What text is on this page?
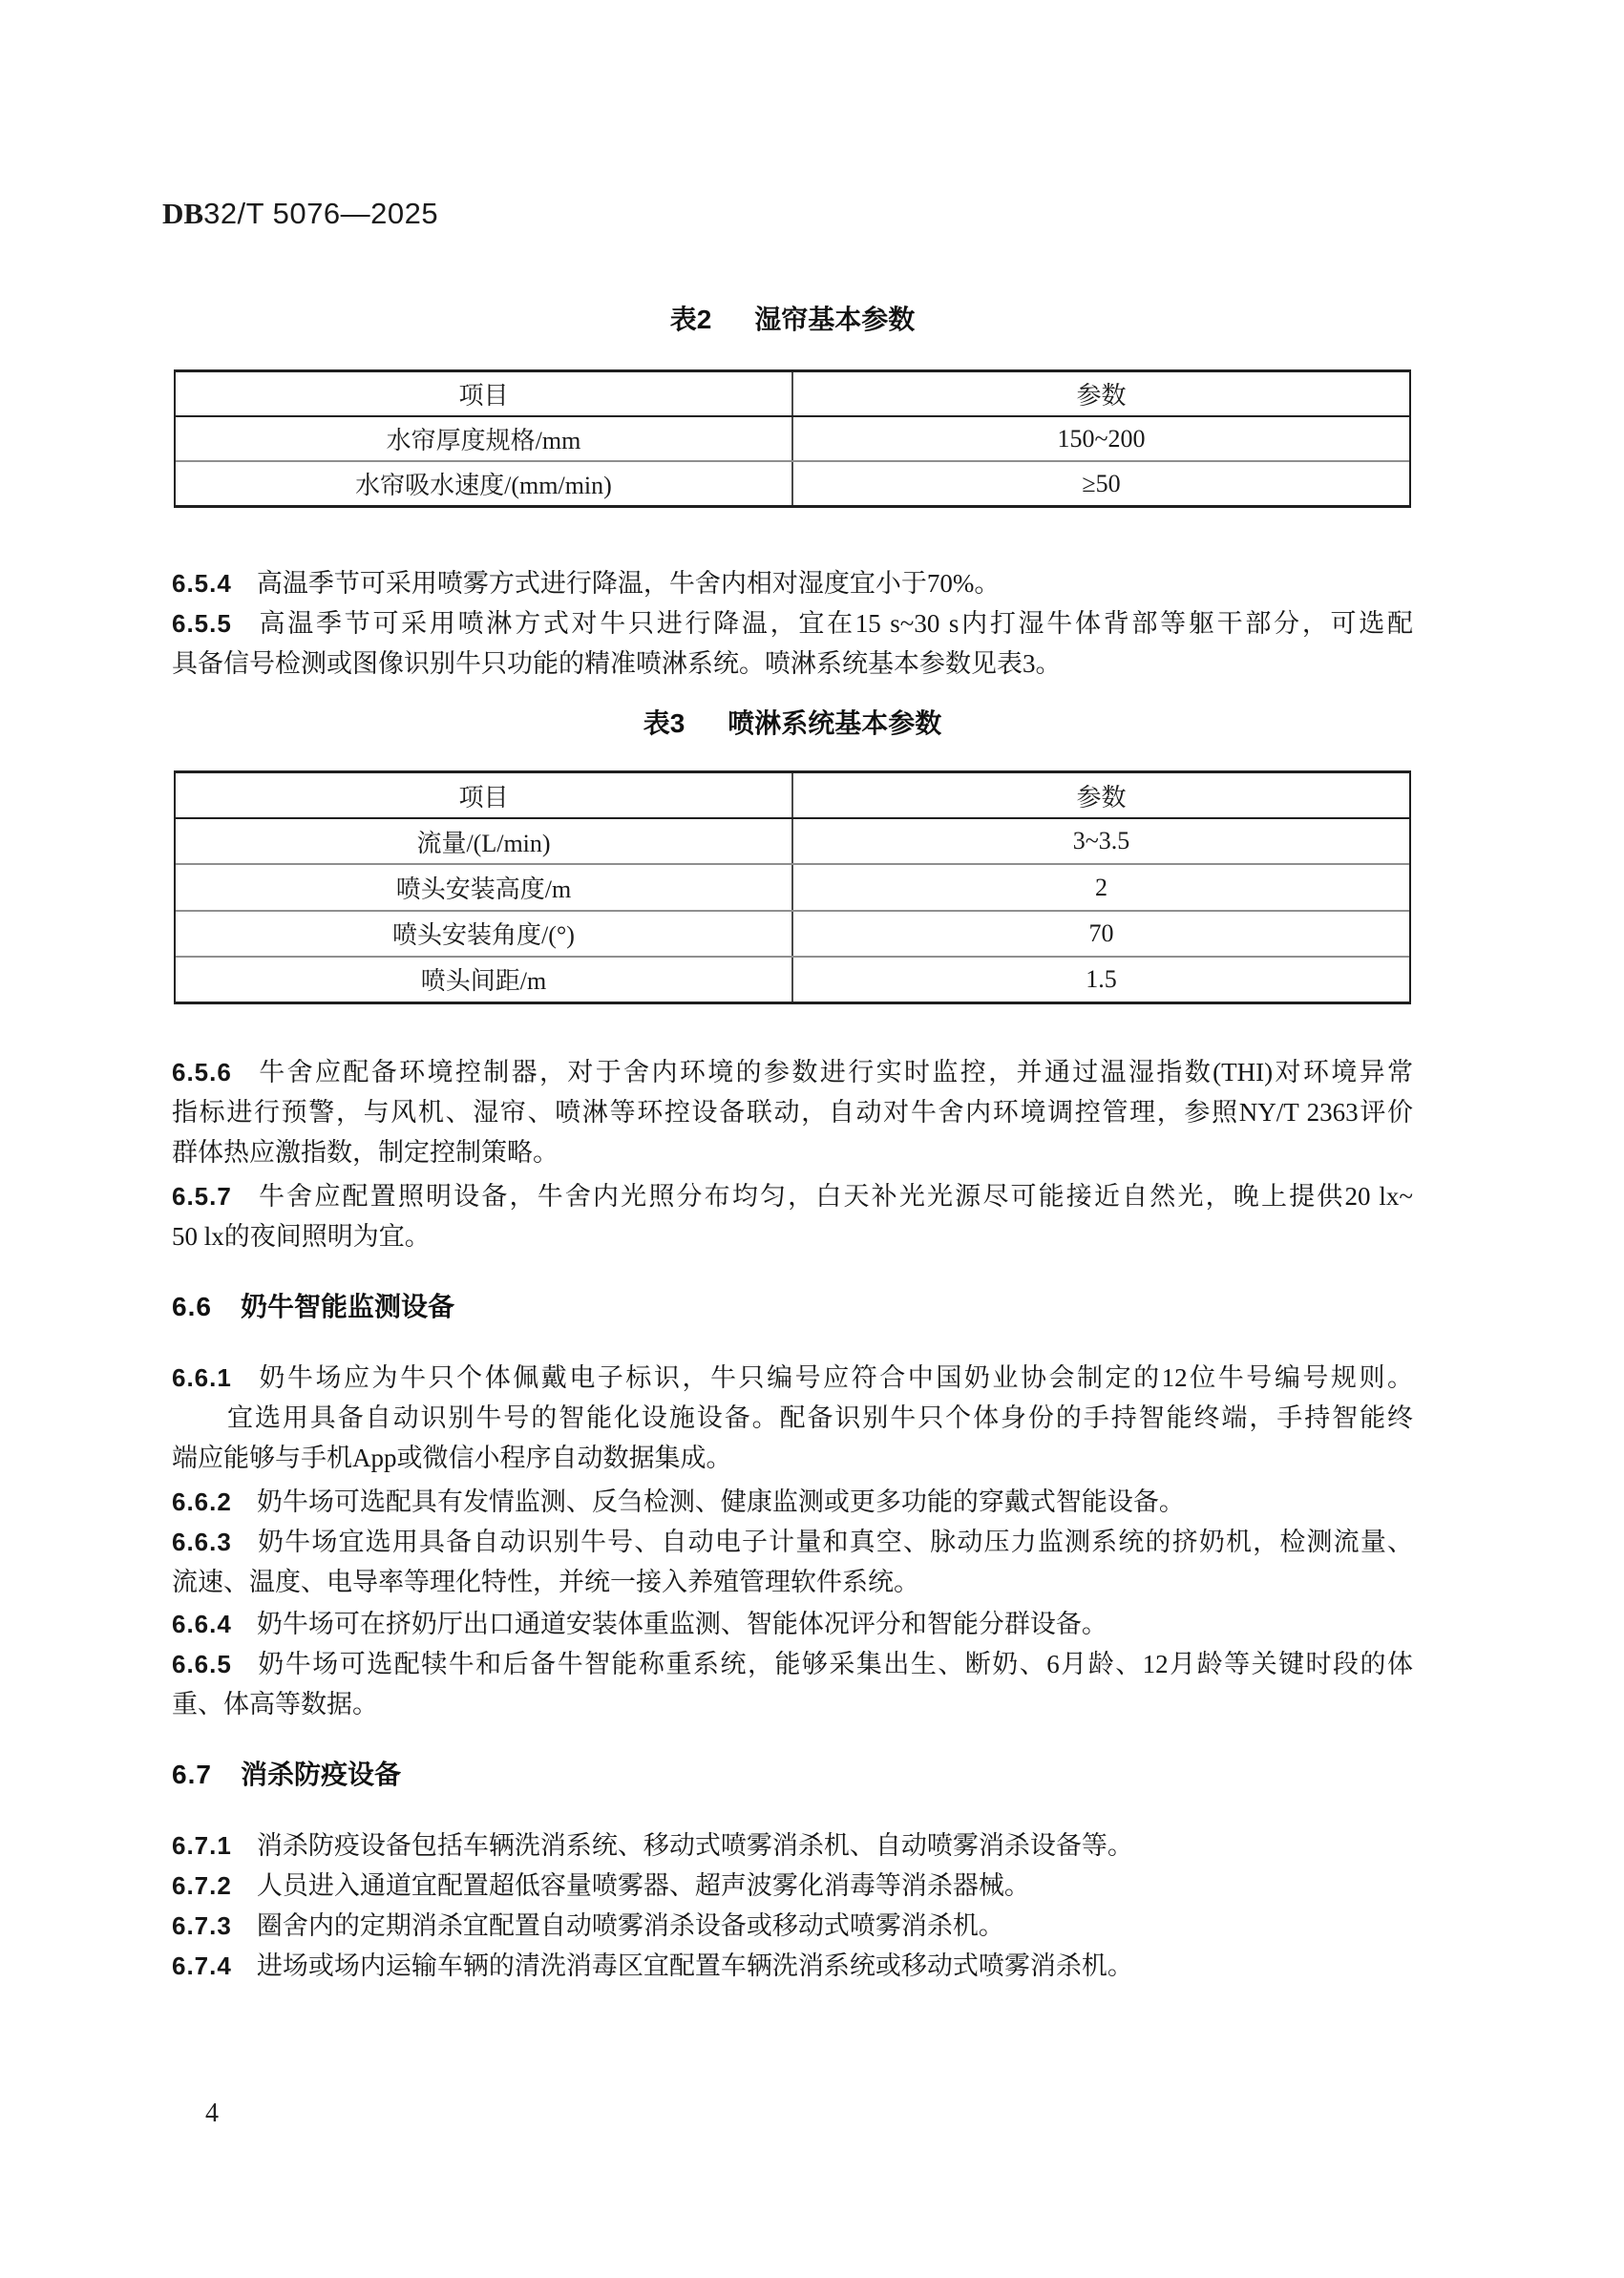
DB32/T 5076—2025
表2 湿帘基本参数
项目	参数
水帘厚度规格/mm	150~200
水帘吸水速度/(mm/min)	≥50
6.5.4 高温季节可采用喷雾方式进行降温，牛舍内相对湿度宜小于70%。
6.5.5 高温季节可采用喷淋方式对牛只进行降温，宜在15 s~30 s内打湿牛体背部等躯干部分，可选配
具备信号检测或图像识别牛只功能的精准喷淋系统。喷淋系统基本参数见表3。
表3 喷淋系统基本参数
项目	参数
流量/(L/min)	3~3.5
喷头安装高度/m	2
喷头安装角度/(°)	70
喷头间距/m	1.5
6.5.6 牛舍应配备环境控制器，对于舍内环境的参数进行实时监控，并通过温湿指数(THI)对环境异常
指标进行预警，与风机、湿帘、喷淋等环控设备联动，自动对牛舍内环境调控管理，参照NY/T 2363评价
群体热应激指数，制定控制策略。
6.5.7 牛舍应配置照明设备，牛舍内光照分布均匀，白天补光光源尽可能接近自然光，晚上提供20 lx~
50 lx的夜间照明为宜。
6.6 奶牛智能监测设备
6.6.1 奶牛场应为牛只个体佩戴电子标识，牛只编号应符合中国奶业协会制定的12位牛号编号规则。
宜选用具备自动识别牛号的智能化设施设备。配备识别牛只个体身份的手持智能终端，手持智能终
端应能够与手机App或微信小程序自动数据集成。
6.6.2 奶牛场可选配具有发情监测、反刍检测、健康监测或更多功能的穿戴式智能设备。
6.6.3 奶牛场宜选用具备自动识别牛号、自动电子计量和真空、脉动压力监测系统的挤奶机，检测流量、
流速、温度、电导率等理化特性，并统一接入养殖管理软件系统。
6.6.4 奶牛场可在挤奶厅出口通道安装体重监测、智能体况评分和智能分群设备。
6.6.5 奶牛场可选配犊牛和后备牛智能称重系统，能够采集出生、断奶、6月龄、12月龄等关键时段的体
重、体高等数据。
6.7 消杀防疫设备
6.7.1 消杀防疫设备包括车辆洗消系统、移动式喷雾消杀机、自动喷雾消杀设备等。
6.7.2 人员进入通道宜配置超低容量喷雾器、超声波雾化消毒等消杀器械。
6.7.3 圈舍内的定期消杀宜配置自动喷雾消杀设备或移动式喷雾消杀机。
6.7.4 进场或场内运输车辆的清洗消毒区宜配置车辆洗消系统或移动式喷雾消杀机。
4
